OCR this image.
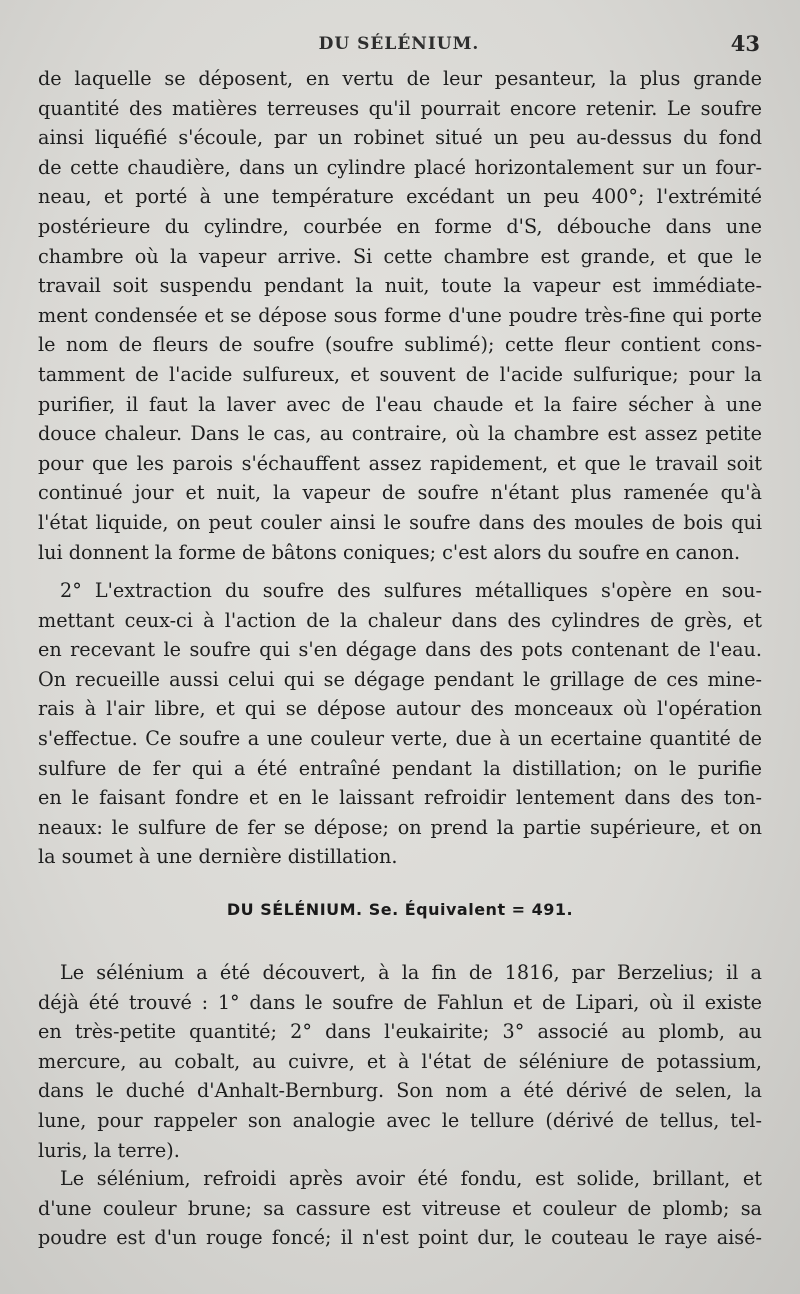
DU SÉLÉNIUM.	43
de laquelle se déposent, en vertu de leur pesanteur, la plus grande
quantité des matières terreuses qu'il pourrait encore retenir. Le soufre
ainsi liquéfié s'écoule, par un robinet situé un peu au-dessus du fond
de cette chaudière, dans un cylindre placé horizontalement sur un four-
neau, et porté à une température excédant un peu 400°; l'extrémité
postérieure du cylindre, courbée en forme d'S, débouche dans une
chambre où la vapeur arrive. Si cette chambre est grande, et que le
travail soit suspendu pendant la nuit, toute la vapeur est immédiate-
ment condensée et se dépose sous forme d'une poudre très-fine qui porte
le nom de fleurs de soufre (soufre sublimé); cette fleur contient cons-
tamment de l'acide sulfureux, et souvent de l'acide sulfurique; pour la
purifier, il faut la laver avec de l'eau chaude et la faire sécher à une
douce chaleur. Dans le cas, au contraire, où la chambre est assez petite
pour que les parois s'échauffent assez rapidement, et que le travail soit
continué jour et nuit, la vapeur de soufre n'étant plus ramenée qu'à
l'état liquide, on peut couler ainsi le soufre dans des moules de bois qui
lui donnent la forme de bâtons coniques; c'est alors du soufre en canon.
2° L'extraction du soufre des sulfures métalliques s'opère en sou-
mettant ceux-ci à l'action de la chaleur dans des cylindres de grès, et
en recevant le soufre qui s'en dégage dans des pots contenant de l'eau.
On recueille aussi celui qui se dégage pendant le grillage de ces mine-
rais à l'air libre, et qui se dépose autour des monceaux où l'opération
s'effectue. Ce soufre a une couleur verte, due à un ecertaine quantité de
sulfure de fer qui a été entraîné pendant la distillation; on le purifie
en le faisant fondre et en le laissant refroidir lentement dans des ton-
neaux: le sulfure de fer se dépose; on prend la partie supérieure, et on
la soumet à une dernière distillation.
DU SÉLÉNIUM. Se. Équivalent = 491.
Le sélénium a été découvert, à la fin de 1816, par Berzelius; il a
déjà été trouvé : 1° dans le soufre de Fahlun et de Lipari, où il existe
en très-petite quantité; 2° dans l'eukairite; 3° associé au plomb, au
mercure, au cobalt, au cuivre, et à l'état de séléniure de potassium,
dans le duché d'Anhalt-Bernburg. Son nom a été dérivé de selen, la
lune, pour rappeler son analogie avec le tellure (dérivé de tellus, tel-
luris, la terre).
Le sélénium, refroidi après avoir été fondu, est solide, brillant, et
d'une couleur brune; sa cassure est vitreuse et couleur de plomb; sa
poudre est d'un rouge foncé; il n'est point dur, le couteau le raye aisé-
